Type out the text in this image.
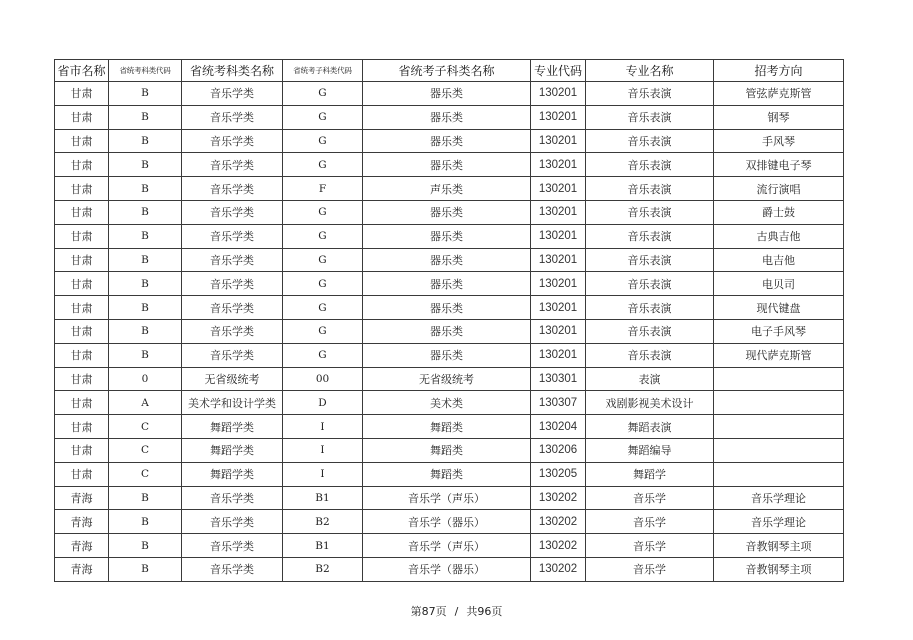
省市名称	省统考科类代码	省统考科类名称	省统考子科类代码	省统考子科类名称	专业代码	专业名称	招考方向
甘肃	B	音乐学类	G	器乐类	130201	音乐表演	管弦萨克斯管
甘肃	B	音乐学类	G	器乐类	130201	音乐表演	钢琴
甘肃	B	音乐学类	G	器乐类	130201	音乐表演	手风琴
甘肃	B	音乐学类	G	器乐类	130201	音乐表演	双排键电子琴
甘肃	B	音乐学类	F	声乐类	130201	音乐表演	流行演唱
甘肃	B	音乐学类	G	器乐类	130201	音乐表演	爵士鼓
甘肃	B	音乐学类	G	器乐类	130201	音乐表演	古典吉他
甘肃	B	音乐学类	G	器乐类	130201	音乐表演	电吉他
甘肃	B	音乐学类	G	器乐类	130201	音乐表演	电贝司
甘肃	B	音乐学类	G	器乐类	130201	音乐表演	现代键盘
甘肃	B	音乐学类	G	器乐类	130201	音乐表演	电子手风琴
甘肃	B	音乐学类	G	器乐类	130201	音乐表演	现代萨克斯管
甘肃	0	无省级统考	00	无省级统考	130301	表演	
甘肃	A	美术学和设计学类	D	美术类	130307	戏剧影视美术设计	
甘肃	C	舞蹈学类	I	舞蹈类	130204	舞蹈表演	
甘肃	C	舞蹈学类	I	舞蹈类	130206	舞蹈编导	
甘肃	C	舞蹈学类	I	舞蹈类	130205	舞蹈学	
青海	B	音乐学类	B1	音乐学（声乐）	130202	音乐学	音乐学理论
青海	B	音乐学类	B2	音乐学（器乐）	130202	音乐学	音乐学理论
青海	B	音乐学类	B1	音乐学（声乐）	130202	音乐学	音教钢琴主项
青海	B	音乐学类	B2	音乐学（器乐）	130202	音乐学	音教钢琴主项
第87页 / 共96页
